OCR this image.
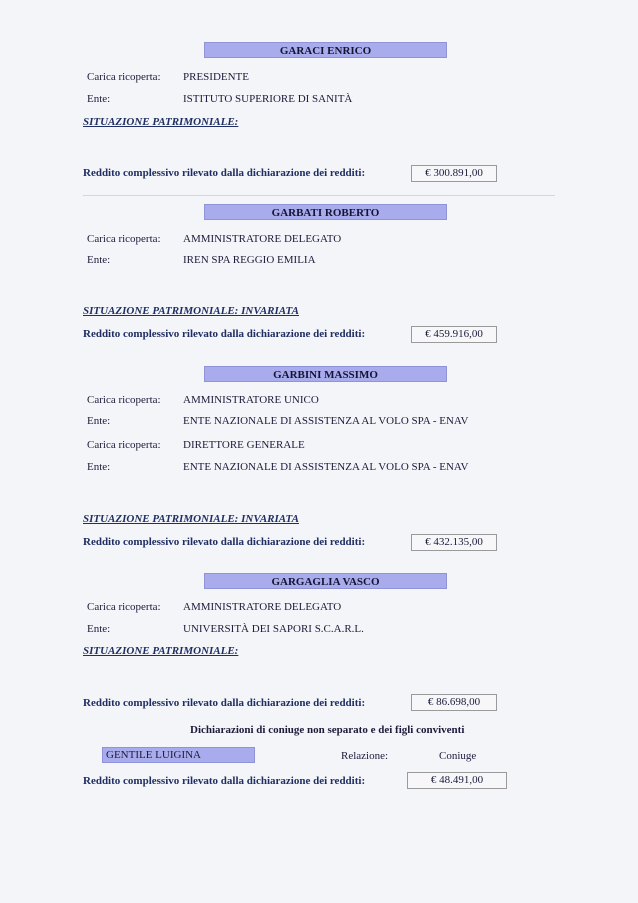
GARACI ENRICO
Carica ricoperta: PRESIDENTE
Ente:	ISTITUTO SUPERIORE DI SANITÀ
SITUAZIONE PATRIMONIALE:
Reddito complessivo rilevato dalla dichiarazione dei redditi:	€ 300.891,00
GARBATI ROBERTO
Carica ricoperta: AMMINISTRATORE DELEGATO
Ente:	IREN SPA REGGIO EMILIA
SITUAZIONE PATRIMONIALE: INVARIATA
Reddito complessivo rilevato dalla dichiarazione dei redditi:	€ 459.916,00
GARBINI MASSIMO
Carica ricoperta: AMMINISTRATORE UNICO
Ente:	ENTE NAZIONALE DI ASSISTENZA AL VOLO SPA - ENAV
Carica ricoperta: DIRETTORE GENERALE
Ente:	ENTE NAZIONALE DI ASSISTENZA AL VOLO SPA - ENAV
SITUAZIONE PATRIMONIALE: INVARIATA
Reddito complessivo rilevato dalla dichiarazione dei redditi:	€ 432.135,00
GARGAGLIA VASCO
Carica ricoperta: AMMINISTRATORE DELEGATO
Ente:	UNIVERSITÀ DEI SAPORI S.C.A.R.L.
SITUAZIONE PATRIMONIALE:
Reddito complessivo rilevato dalla dichiarazione dei redditi:	€ 86.698,00
Dichiarazioni di coniuge non separato e dei figli conviventi
GENTILE LUIGINA	Relazione:	Coniuge
Reddito complessivo rilevato dalla dichiarazione dei redditi:	€ 48.491,00
